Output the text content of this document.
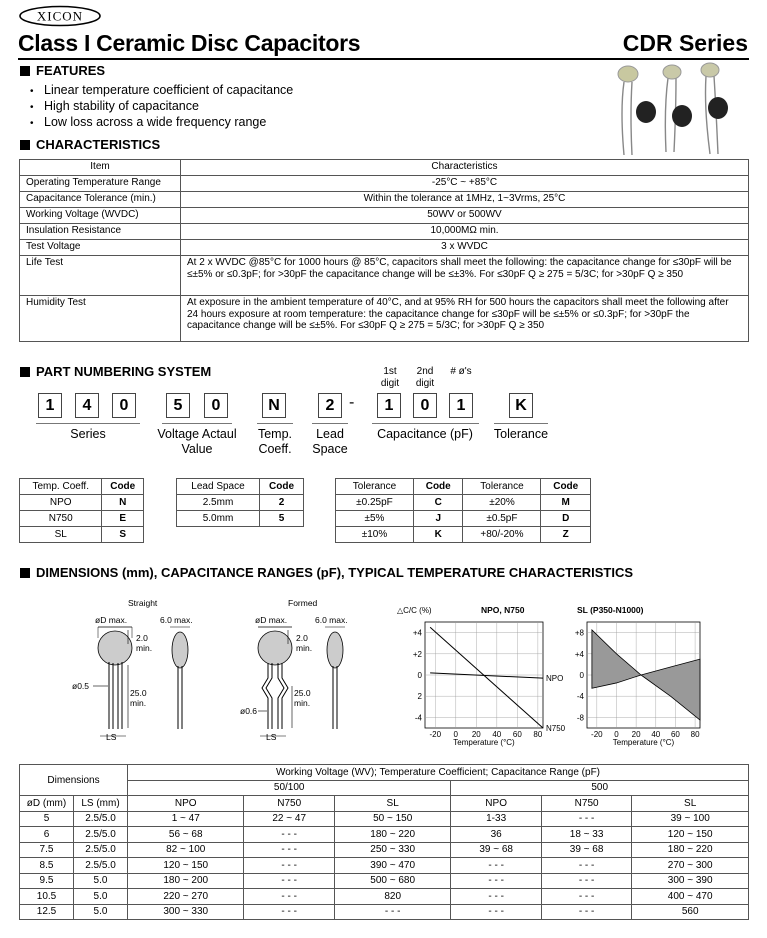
XICON
Class I Ceramic Disc Capacitors	CDR Series
FEATURES
• Linear temperature coefficient of capacitance
• High stability of capacitance
• Low loss across a wide frequency range
CHARACTERISTICS
Item	Characteristics
Operating Temperature Range	-25°C ~ +85°C
Capacitance Tolerance (min.)	Within the tolerance at 1MHz, 1~3Vrms, 25°C
Working Voltage (WVDC)	50WV or 500WV
Insulation Resistance	10,000MΩ min.
Test Voltage	3 x WVDC
Life Test	At 2 x WVDC @85°C for 1000 hours @ 85°C, capacitors shall meet the following: the capacitance change for ≤30pF will be ≤±5% or ≤0.3pF; for >30pF the capacitance change will be ≤±3%. For ≤30pF Q ≥ 275 = 5/3C; for >30pF Q ≥ 350
Humidity Test	At exposure in the ambient temperature of 40°C, and at 95% RH for 500 hours the capacitors shall meet the following after 24 hours exposure at room temperature: the capacitance change for ≤30pF will be ≤±5% or ≤0.3pF; for >30pF the capacitance change will be ≤±5%. For ≤30pF Q ≥ 275 = 5/3C; for >30pF Q ≥ 350
PART NUMBERING SYSTEM	1st digit
2nd digit
# ø's
1	4	0	5	0	N	2 -	1	0	1	K
Series	Voltage Actaul Value
Temp. Coeff.
Lead Space
Capacitance (pF)	Tolerance
Temp. Coeff.	Code
NPO	N
N750	E
SL	S
Lead Space	Code
2.5mm	2
5.0mm	5
Tolerance	Code	Tolerance	Code
±0.25pF	C	±20%	M
±5%	J	±0.5pF	D
±10%	K	+80/-20%	Z
DIMENSIONS (mm), CAPACITANCE RANGES (pF), TYPICAL TEMPERATURE CHARACTERISTICS
Straight
øD max.
ø0.5
25.0
min.
2.0
min.
LS
6.0 max.
Formed
øD max.
ø0.6
25.0
min.
2.0
min.
LS
6.0 max.
-20 0 20 40 60 80
+4
+2
0
2
-4
NPO, N750
△C/C (%)
Temperature (°C)
NPO
N750
-20 0 20 40 60 80
+8
+4
0
-4
-8
SL (P350-N1000)
Temperature (°C)
Dimensions		Working Voltage (WV); Temperature Coefficient; Capacitance Range (pF)					
		50/100			500		
øD (mm)	LS (mm)	NPO	N750	SL	NPO	N750	SL
5	2.5/5.0	1 ~ 47	22 ~ 47	50 ~ 150	1-33	- - -	39 ~ 100
6	2.5/5.0	56 ~ 68	- - -	180 ~ 220	36	18 ~ 33	120 ~ 150
7.5	2.5/5.0	82 ~ 100	- - -	250 ~ 330	39 ~ 68	39 ~ 68	180 ~ 220
8.5	2.5/5.0	120 ~ 150	- - -	390 ~ 470	- - -	- - -	270 ~ 300
9.5	5.0	180 ~ 200	- - -	500 ~ 680	- - -	- - -	300 ~ 390
10.5	5.0	220 ~ 270	- - -	820	- - -	- - -	400 ~ 470
12.5	5.0	300 ~ 330	- - -	- - -	- - -	- - -	560
